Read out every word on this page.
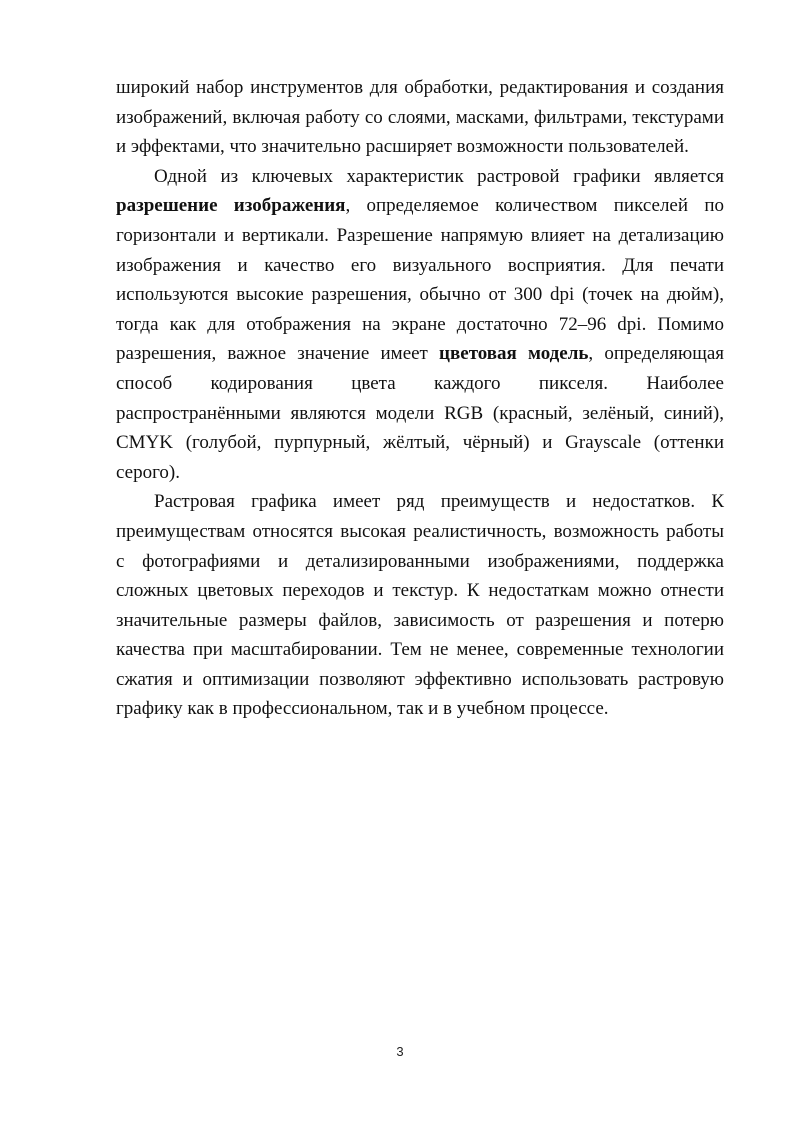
широкий набор инструментов для обработки, редактирования и создания изображений, включая работу со слоями, масками, фильтрами, текстурами и эффектами, что значительно расширяет возможности пользователей.

Одной из ключевых характеристик растровой графики является разрешение изображения, определяемое количеством пикселей по горизонтали и вертикали. Разрешение напрямую влияет на детализацию изображения и качество его визуального восприятия. Для печати используются высокие разрешения, обычно от 300 dpi (точек на дюйм), тогда как для отображения на экране достаточно 72–96 dpi. Помимо разрешения, важное значение имеет цветовая модель, определяющая способ кодирования цвета каждого пикселя. Наиболее распространёнными являются модели RGB (красный, зелёный, синий), CMYK (голубой, пурпурный, жёлтый, чёрный) и Grayscale (оттенки серого).

Растровая графика имеет ряд преимуществ и недостатков. К преимуществам относятся высокая реалистичность, возможность работы с фотографиями и детализированными изображениями, поддержка сложных цветовых переходов и текстур. К недостаткам можно отнести значительные размеры файлов, зависимость от разрешения и потерю качества при масштабировании. Тем не менее, современные технологии сжатия и оптимизации позволяют эффективно использовать растровую графику как в профессиональном, так и в учебном процессе.

3
